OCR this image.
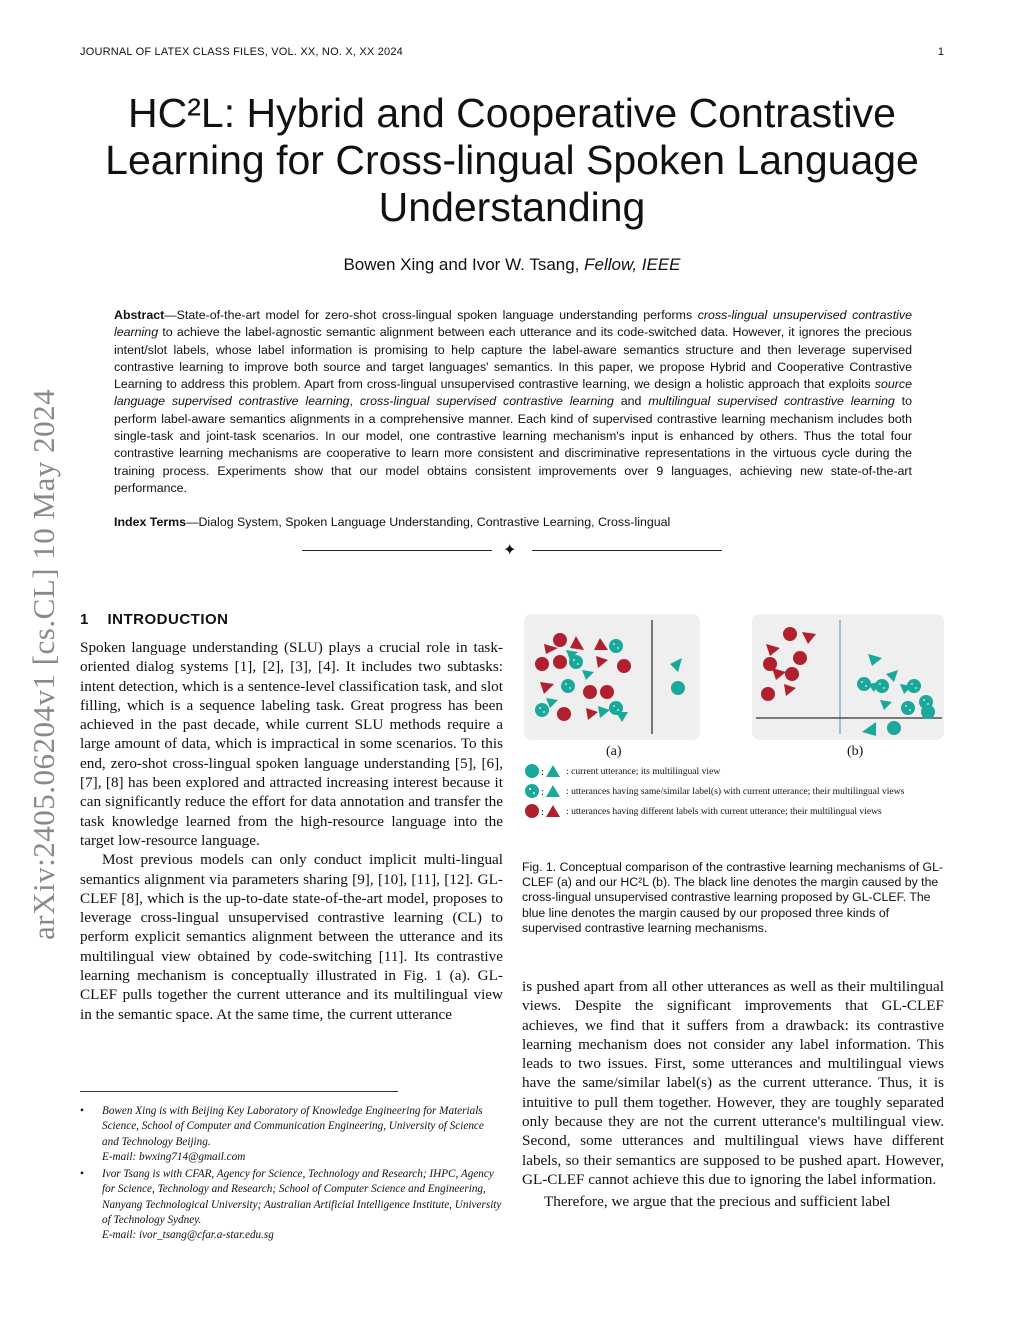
JOURNAL OF LATEX CLASS FILES, VOL. XX, NO. X, XX 2024	1
arXiv:2405.06204v1 [cs.CL] 10 May 2024
HC²L: Hybrid and Cooperative Contrastive
Learning for Cross-lingual Spoken Language
Understanding
Bowen Xing and Ivor W. Tsang, Fellow, IEEE
Abstract—State-of-the-art model for zero-shot cross-lingual spoken language understanding performs cross-lingual unsupervised contrastive learning to achieve the label-agnostic semantic alignment between each utterance and its code-switched data. However, it ignores the precious intent/slot labels, whose label information is promising to help capture the label-aware semantics structure and then leverage supervised contrastive learning to improve both source and target languages' semantics. In this paper, we propose Hybrid and Cooperative Contrastive Learning to address this problem. Apart from cross-lingual unsupervised contrastive learning, we design a holistic approach that exploits source language supervised contrastive learning, cross-lingual supervised contrastive learning and multilingual supervised contrastive learning to perform label-aware semantics alignments in a comprehensive manner. Each kind of supervised contrastive learning mechanism includes both single-task and joint-task scenarios. In our model, one contrastive learning mechanism's input is enhanced by others. Thus the total four contrastive learning mechanisms are cooperative to learn more consistent and discriminative representations in the virtuous cycle during the training process. Experiments show that our model obtains consistent improvements over 9 languages, achieving new state-of-the-art performance.
Index Terms—Dialog System, Spoken Language Understanding, Contrastive Learning, Cross-lingual
✦
1 INTRODUCTION

Spoken language understanding (SLU) plays a crucial role in task-oriented dialog systems [1], [2], [3], [4]. It includes two subtasks: intent detection, which is a sentence-level classification task, and slot filling, which is a sequence labeling task. Great progress has been achieved in the past decade, while current SLU methods require a large amount of data, which is impractical in some scenarios. To this end, zero-shot cross-lingual spoken language understanding [5], [6], [7], [8] has been explored and attracted increasing interest because it can significantly reduce the effort for data annotation and transfer the task knowledge learned from the high-resource language into the target low-resource language.

Most previous models can only conduct implicit multi-lingual semantics alignment via parameters sharing [9], [10], [11], [12]. GL-CLEF [8], which is the up-to-date state-of-the-art model, proposes to leverage cross-lingual unsupervised contrastive learning (CL) to perform explicit semantics alignment between the utterance and its multilingual view obtained by code-switching [11]. Its contrastive learning mechanism is conceptually illustrated in Fig. 1 (a). GL-CLEF pulls together the current utterance and its multilingual view in the semantic space. At the same time, the current utterance

• Bowen Xing is with Beijing Key Laboratory of Knowledge Engineering for Materials Science, School of Computer and Communication Engineering, University of Science and Technology Beijing.
E-mail: bwxing714@gmail.com
• Ivor Tsang is with CFAR, Agency for Science, Technology and Research; IHPC, Agency for Science, Technology and Research; School of Computer Science and Engineering, Nanyang Technological University; Australian Artificial Intelligence Institute, University of Technology Sydney.
E-mail: ivor_tsang@cfar.a-star.edu.sg
(a)	(b)
: : current utterance; its multilingual view
: : utterances having same/similar label(s) with current utterance; their multilingual views
: : utterances having different labels with current utterance; their multilingual views
Fig. 1. Conceptual comparison of the contrastive learning mechanisms of GL-CLEF (a) and our HC²L (b). The black line denotes the margin caused by the cross-lingual unsupervised contrastive learning proposed by GL-CLEF. The blue line denotes the margin caused by our proposed three kinds of supervised contrastive learning mechanisms.

is pushed apart from all other utterances as well as their multilingual views. Despite the significant improvements that GL-CLEF achieves, we find that it suffers from a drawback: its contrastive learning mechanism does not consider any label information. This leads to two issues. First, some utterances and multilingual views have the same/similar label(s) as the current utterance. Thus, it is intuitive to pull them together. However, they are toughly separated only because they are not the current utterance's multilingual view. Second, some utterances and multilingual views have different labels, so their semantics are supposed to be pushed apart. However, GL-CLEF cannot achieve this due to ignoring the label information.

Therefore, we argue that the precious and sufficient label
